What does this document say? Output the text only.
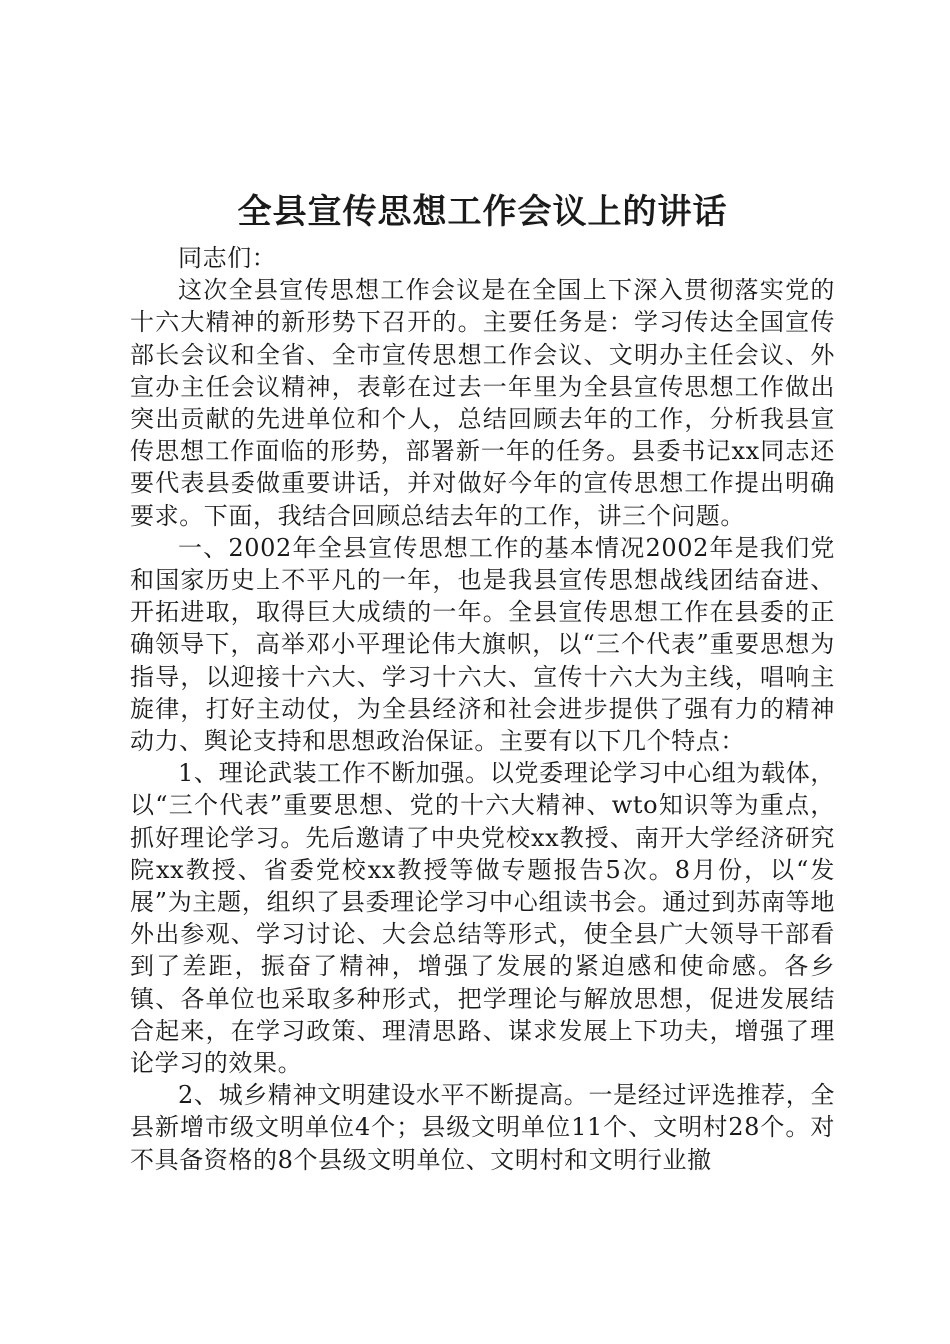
全县宣传思想工作会议上的讲话

同志们：

这次全县宣传思想工作会议是在全国上下深入贯彻落实党的十六大精神的新形势下召开的。主要任务是：学习传达全国宣传部长会议和全省、全市宣传思想工作会议、文明办主任会议、外宣办主任会议精神，表彰在过去一年里为全县宣传思想工作做出突出贡献的先进单位和个人，总结回顾去年的工作，分析我县宣传思想工作面临的形势，部署新一年的任务。县委书记xx同志还要代表县委做重要讲话，并对做好今年的宣传思想工作提出明确要求。下面，我结合回顾总结去年的工作，讲三个问题。

一、2002年全县宣传思想工作的基本情况2002年是我们党和国家历史上不平凡的一年，也是我县宣传思想战线团结奋进、开拓进取，取得巨大成绩的一年。全县宣传思想工作在县委的正确领导下，高举邓小平理论伟大旗帜，以“三个代表”重要思想为指导，以迎接十六大、学习十六大、宣传十六大为主线，唱响主旋律，打好主动仗，为全县经济和社会进步提供了强有力的精神动力、舆论支持和思想政治保证。主要有以下几个特点：

1、理论武装工作不断加强。以党委理论学习中心组为载体，以“三个代表”重要思想、党的十六大精神、wto知识等为重点，抓好理论学习。先后邀请了中央党校xx教授、南开大学经济研究院xx教授、省委党校xx教授等做专题报告5次。8月份，以“发展”为主题，组织了县委理论学习中心组读书会。通过到苏南等地外出参观、学习讨论、大会总结等形式，使全县广大领导干部看到了差距，振奋了精神，增强了发展的紧迫感和使命感。各乡镇、各单位也采取多种形式，把学理论与解放思想，促进发展结合起来，在学习政策、理清思路、谋求发展上下功夫，增强了理论学习的效果。

2、城乡精神文明建设水平不断提高。一是经过评选推荐，全县新增市级文明单位4个；县级文明单位11个、文明村28个。对不具备资格的8个县级文明单位、文明村和文明行业撤
